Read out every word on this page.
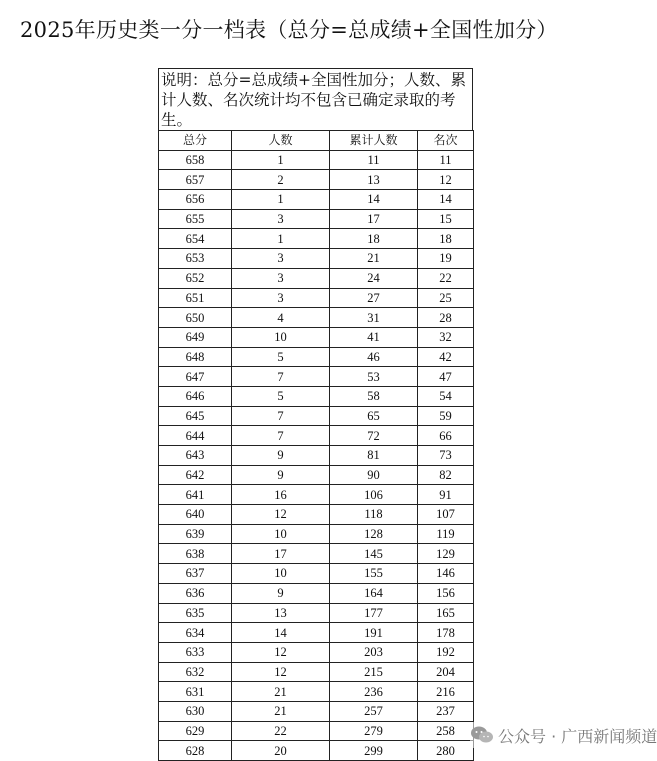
2025年历史类一分一档表（总分=总成绩+全国性加分）
说明：总分=总成绩+全国性加分；人数、累计人数、名次统计均不包含已确定录取的考生。
总分	人数	累计人数	名次
658	1	11	11
657	2	13	12
656	1	14	14
655	3	17	15
654	1	18	18
653	3	21	19
652	3	24	22
651	3	27	25
650	4	31	28
649	10	41	32
648	5	46	42
647	7	53	47
646	5	58	54
645	7	65	59
644	7	72	66
643	9	81	73
642	9	90	82
641	16	106	91
640	12	118	107
639	10	128	119
638	17	145	129
637	10	155	146
636	9	164	156
635	13	177	165
634	14	191	178
633	12	203	192
632	12	215	204
631	21	236	216
630	21	257	237
629	22	279	258
628	20	299	280
公众号 · 广西新闻频道
